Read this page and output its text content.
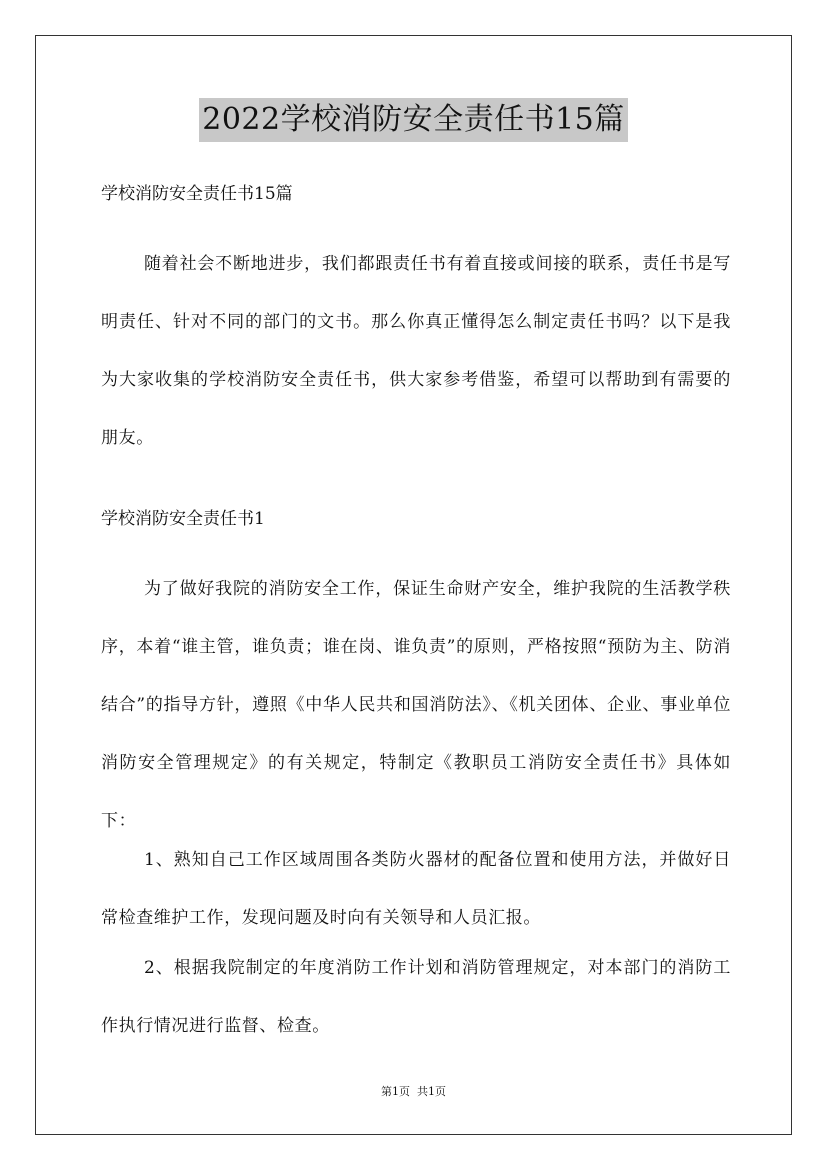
2022学校消防安全责任书15篇
学校消防安全责任书15篇

随着社会不断地进步，我们都跟责任书有着直接或间接的联系，责任书是写明责任、针对不同的部门的文书。那么你真正懂得怎么制定责任书吗？以下是我为大家收集的学校消防安全责任书，供大家参考借鉴，希望可以帮助到有需要的朋友。

学校消防安全责任书1

为了做好我院的消防安全工作，保证生命财产安全，维护我院的生活教学秩序，本着“谁主管，谁负责；谁在岗、谁负责”的原则，严格按照“预防为主、防消结合”的指导方针，遵照《中华人民共和国消防法》、《机关团体、企业、事业单位消防安全管理规定》的有关规定，特制定《教职员工消防安全责任书》具体如下：

1、熟知自己工作区域周围各类防火器材的配备位置和使用方法，并做好日常检查维护工作，发现问题及时向有关领导和人员汇报。

2、根据我院制定的年度消防工作计划和消防管理规定，对本部门的消防工作执行情况进行监督、检查。

第1页  共1页
